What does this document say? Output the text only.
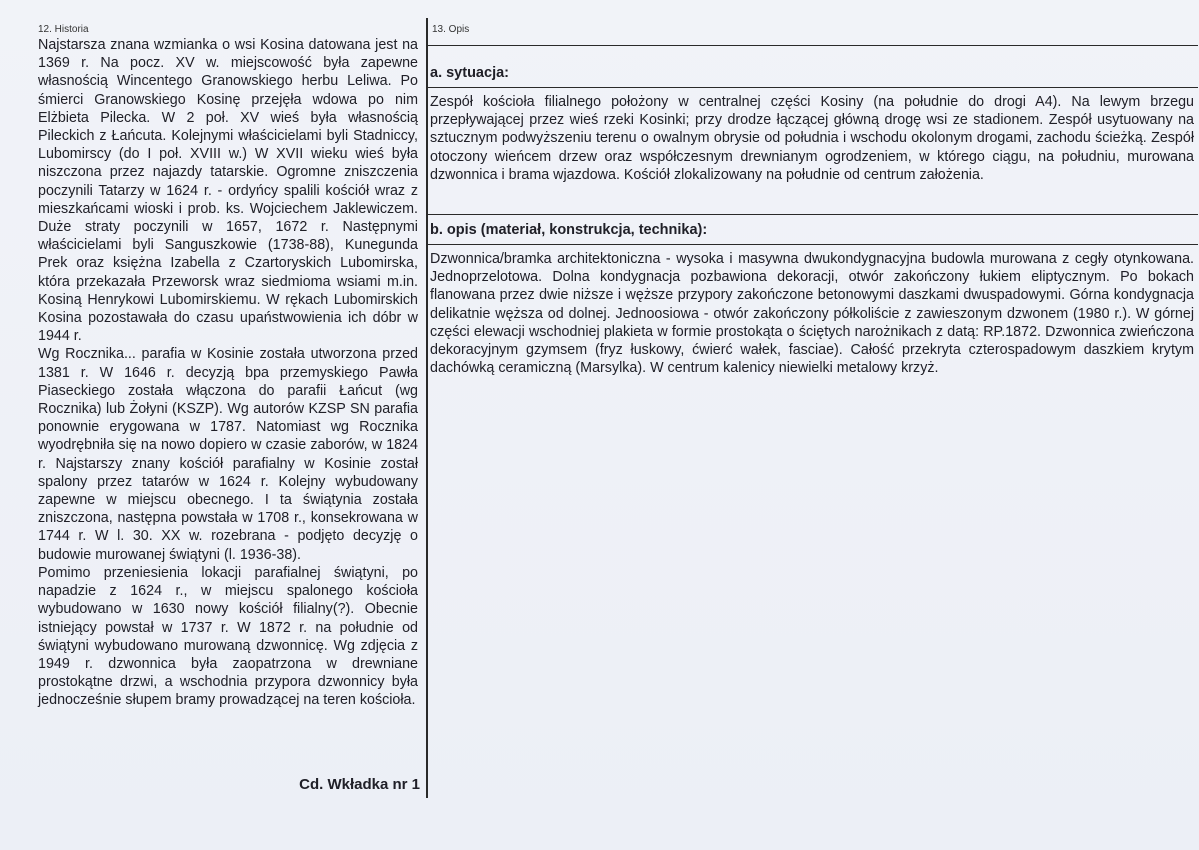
12. Historia

Najstarsza znana wzmianka o wsi Kosina datowana jest na 1369 r. Na pocz. XV w. miejscowość była zapewne własnością Wincentego Granowskiego herbu Leliwa. Po śmierci Granowskiego Kosinę przejęła wdowa po nim Elżbieta Pilecka. W 2 poł. XV wieś była własnością Pileckich z Łańcuta. Kolejnymi właścicielami byli Stadniccy, Lubomirscy (do I poł. XVIII w.) W XVII wieku wieś była niszczona przez najazdy tatarskie. Ogromne zniszczenia poczynili Tatarzy w 1624 r. - ordyńcy spalili kościół wraz z mieszkańcami wioski i prob. ks. Wojciechem Jaklewiczem. Duże straty poczynili w 1657, 1672 r. Następnymi właścicielami byli Sanguszkowie (1738-88), Kunegunda Prek oraz księżna Izabella z Czartoryskich Lubomirska, która przekazała Przeworsk wraz siedmioma wsiami m.in. Kosiną Henrykowi Lubomirskiemu. W rękach Lubomirskich Kosina pozostawała do czasu upaństwowienia ich dóbr w 1944 r.

Wg Rocznika... parafia w Kosinie została utworzona przed 1381 r. W 1646 r. decyzją bpa przemyskiego Pawła Piaseckiego została włączona do parafii Łańcut (wg Rocznika) lub Żołyni (KSZP). Wg autorów KZSP SN parafia ponownie erygowana w 1787. Natomiast wg Rocznika wyodrębniła się na nowo dopiero w czasie zaborów, w 1824 r. Najstarszy znany kościół parafialny w Kosinie został spalony przez tatarów w 1624 r. Kolejny wybudowany zapewne w miejscu obecnego. I ta świątynia została zniszczona, następna powstała w 1708 r., konsekrowana w 1744 r. W l. 30. XX w. rozebrana - podjęto decyzję o budowie murowanej świątyni (l. 1936-38).

Pomimo przeniesienia lokacji parafialnej świątyni, po napadzie z 1624 r., w miejscu spalonego kościoła wybudowano w 1630 nowy kościół filialny(?). Obecnie istniejący powstał w 1737 r. W 1872 r. na południe od świątyni wybudowano murowaną dzwonnicę. Wg zdjęcia z 1949 r. dzwonnica była zaopatrzona w drewniane prostokątne drzwi, a wschodnia przypora dzwonnicy była jednocześnie słupem bramy prowadzącej na teren kościoła.

Cd. Wkładka nr 1
13. Opis
a. sytuacja:

Zespół kościoła filialnego położony w centralnej części Kosiny (na południe do drogi A4). Na lewym brzegu przepływającej przez wieś rzeki Kosinki; przy drodze łączącej główną drogę wsi ze stadionem. Zespół usytuowany na sztucznym podwyższeniu terenu o owalnym obrysie od południa i wschodu okolonym drogami, zachodu ścieżką. Zespół otoczony wieńcem drzew oraz współczesnym drewnianym ogrodzeniem, w którego ciągu, na południu, murowana dzwonnica i brama wjazdowa. Kościół zlokalizowany na południe od centrum założenia.

b. opis (materiał, konstrukcja, technika):

Dzwonnica/bramka architektoniczna - wysoka i masywna dwukondygnacyjna budowla murowana z cegły otynkowana. Jednoprzelotowa. Dolna kondygnacja pozbawiona dekoracji, otwór zakończony łukiem eliptycznym. Po bokach flanowana przez dwie niższe i węższe przypory zakończone betonowymi daszkami dwuspadowymi. Górna kondygnacja delikatnie węższa od dolnej. Jednoosiowa - otwór zakończony półkoliście z zawieszonym dzwonem (1980 r.). W górnej części elewacji wschodniej plakieta w formie prostokąta o ściętych narożnikach z datą: RP.1872. Dzwonnica zwieńczona dekoracyjnym gzymsem (fryz łuskowy, ćwierć wałek, fasciae). Całość przekryta czterospadowym daszkiem krytym dachówką ceramiczną (Marsylka). W centrum kalenicy niewielki metalowy krzyż.
